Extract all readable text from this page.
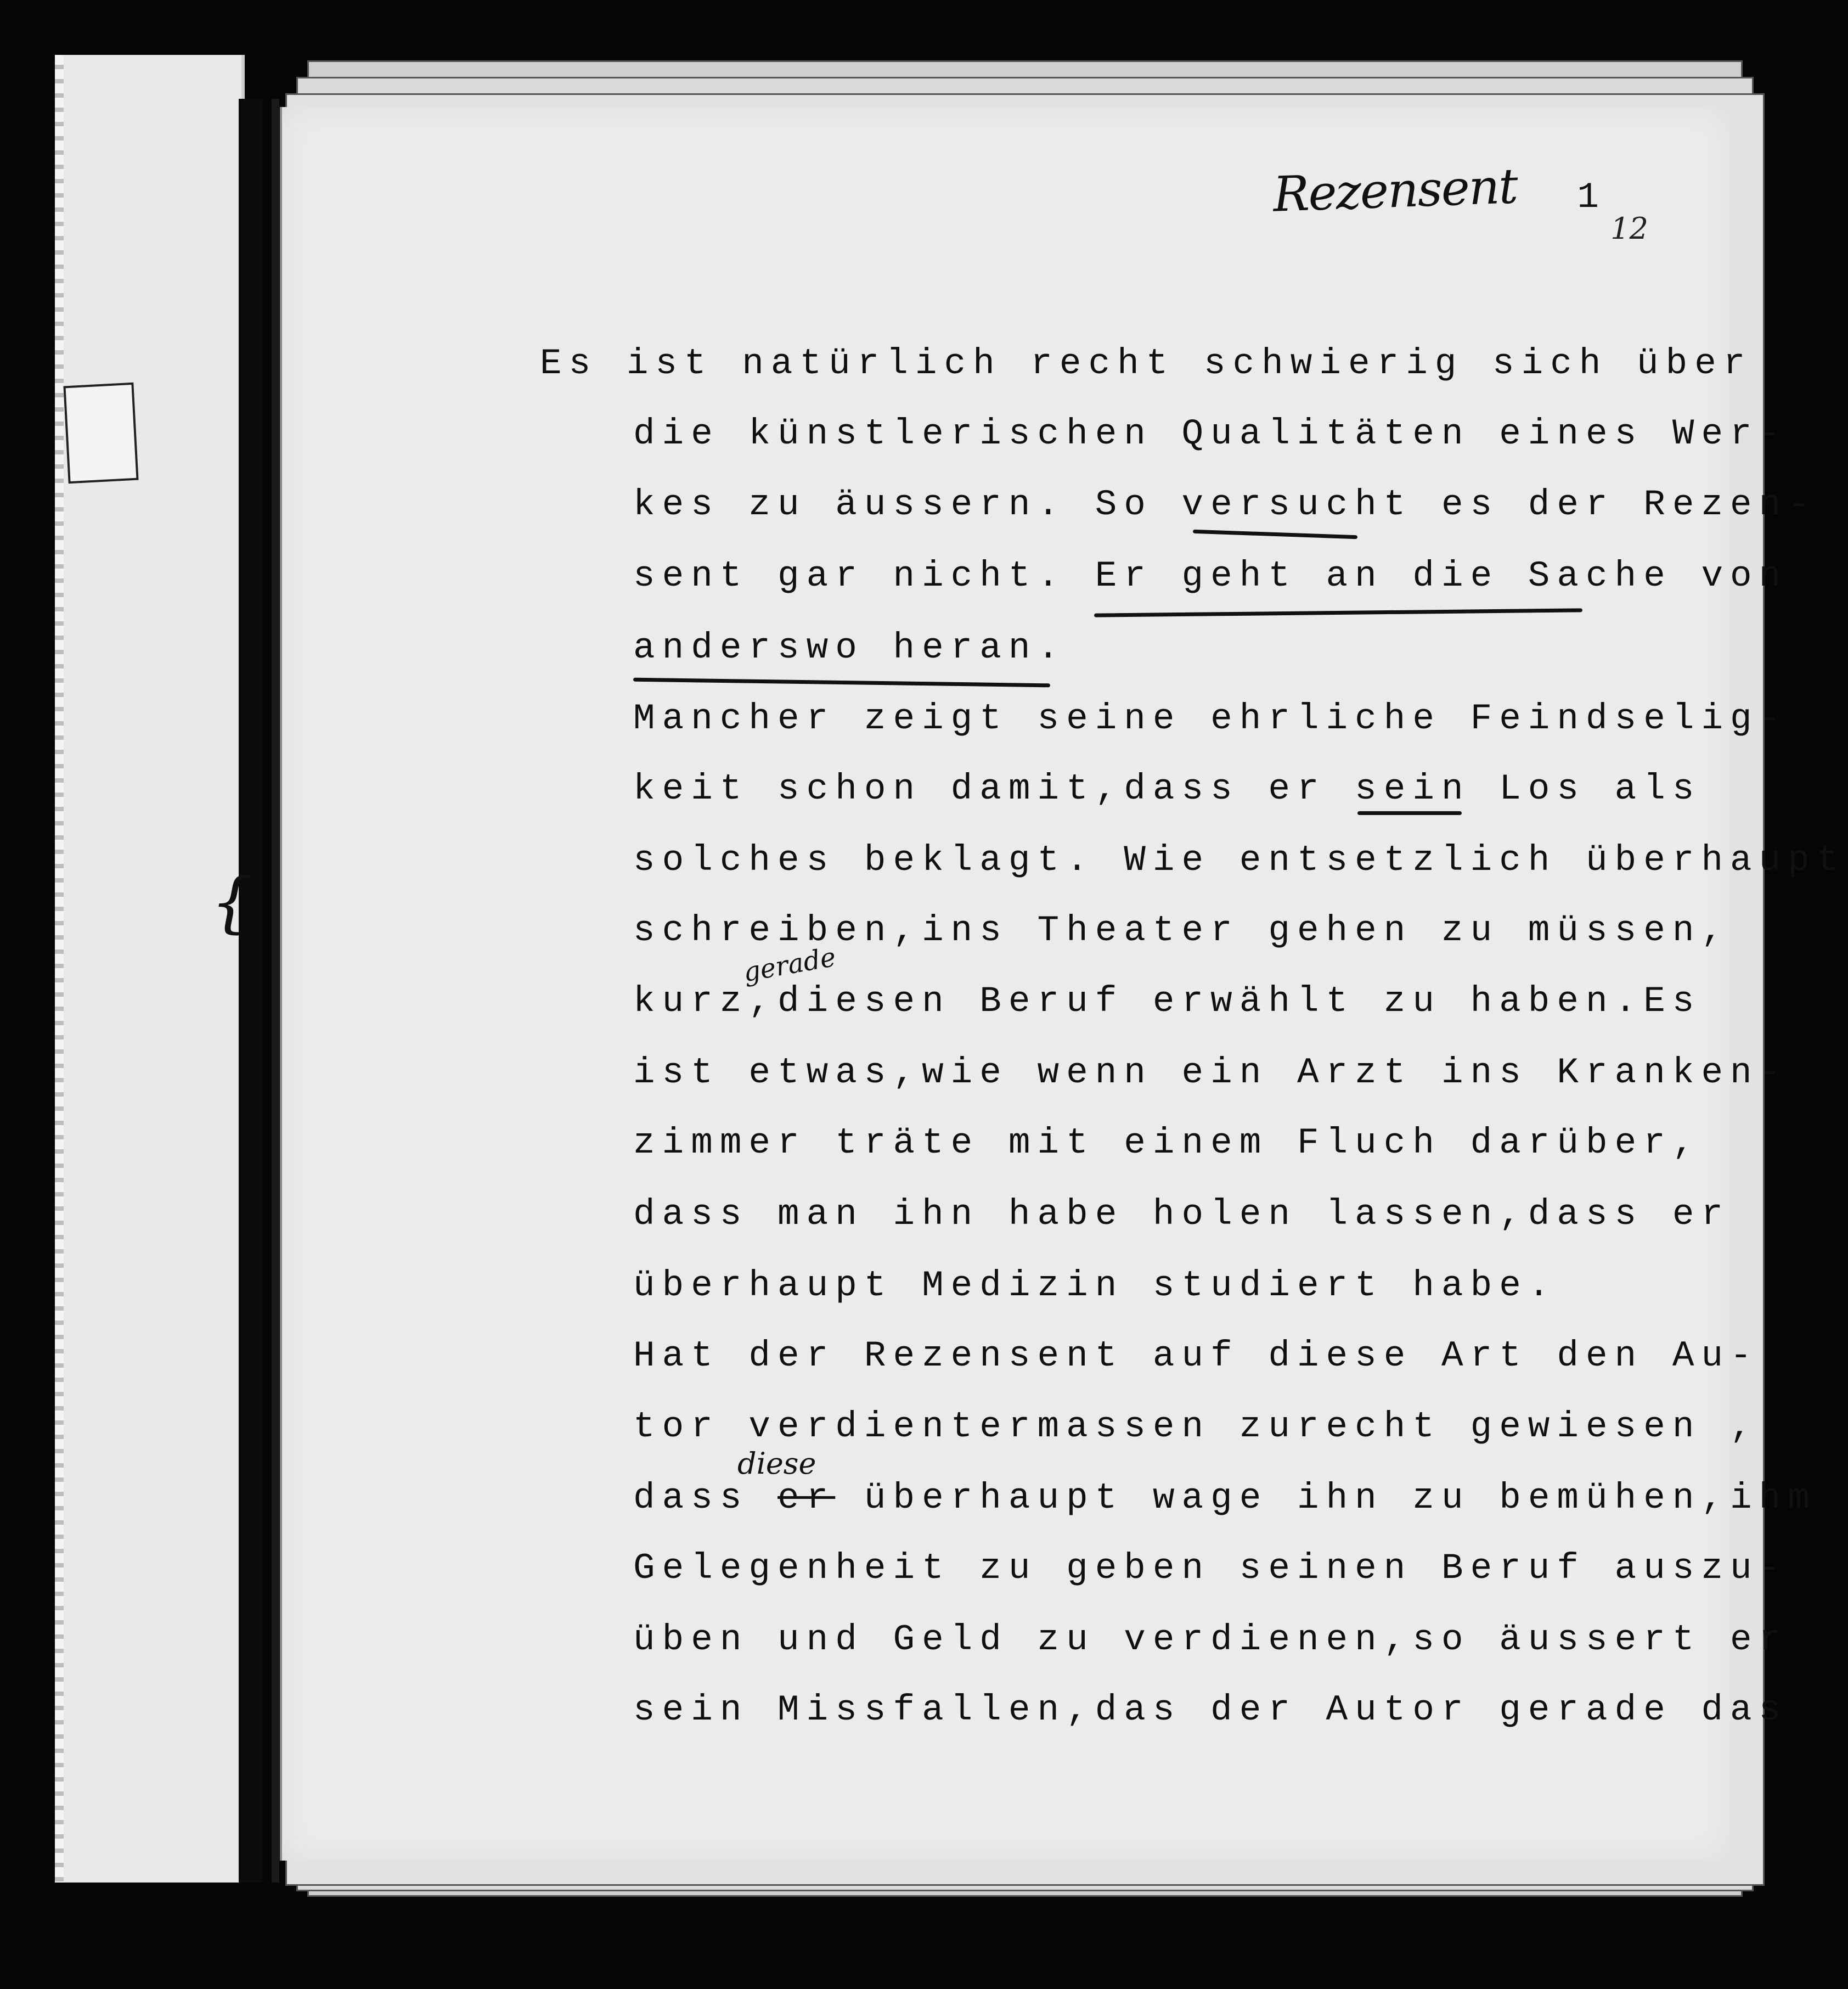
Rezensent 1
12
Es ist natürlich recht schwierig sich über
die künstlerischen Qualitäten eines Wer-
kes zu äussern. So versucht es der Rezen-
sent gar nicht. Er geht an die Sache von
anderswo heran.
Mancher zeigt seine ehrliche Feindselig-
keit schon damit,dass er sein Los als
solches beklagt. Wie entsetzlich überhaupt
schreiben,ins Theater gehen zu müssen,
kurz,diesen Beruf erwählt zu haben.Es
ist etwas,wie wenn ein Arzt ins Kranken-
zimmer träte mit einem Fluch darüber,
dass man ihn habe holen lassen,dass er
überhaupt Medizin studiert habe.
Hat der Rezensent auf diese Art den Au-
tor verdientermassen zurecht gewiesen ,
dass er überhaupt wage ihn zu bemühen,ihm
Gelegenheit zu geben seinen Beruf auszu-
üben und Geld zu verdienen,so äussert er
sein Missfallen,das der Autor gerade das
gerade
diese
{
